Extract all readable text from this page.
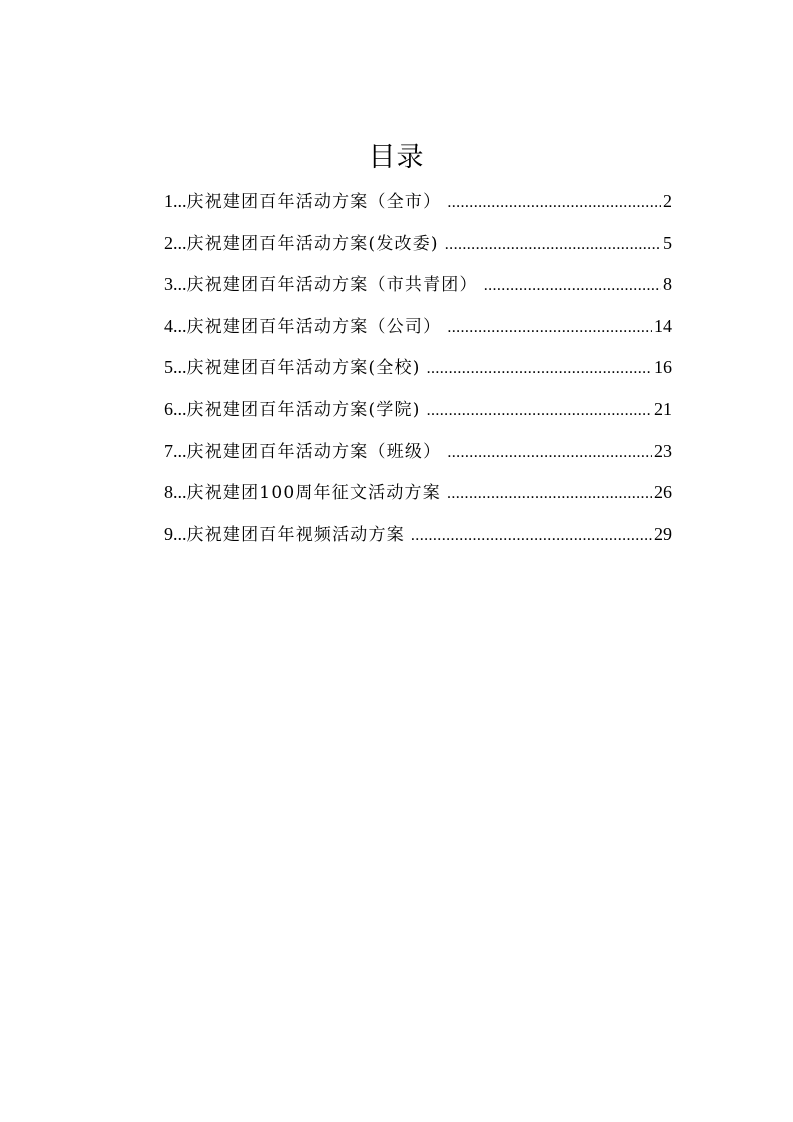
目录
1... 庆祝建团百年活动方案（全市） .....	2
2... 庆祝建团百年活动方案(发改委) .....	5
3... 庆祝建团百年活动方案（市共青团） .....	8
4... 庆祝建团百年活动方案（公司） .....	14
5... 庆祝建团百年活动方案(全校) .....	16
6... 庆祝建团百年活动方案(学院) .....	21
7... 庆祝建团百年活动方案（班级） .....	23
8... 庆祝建团100周年征文活动方案 .....	26
9... 庆祝建团百年视频活动方案 .....	29
